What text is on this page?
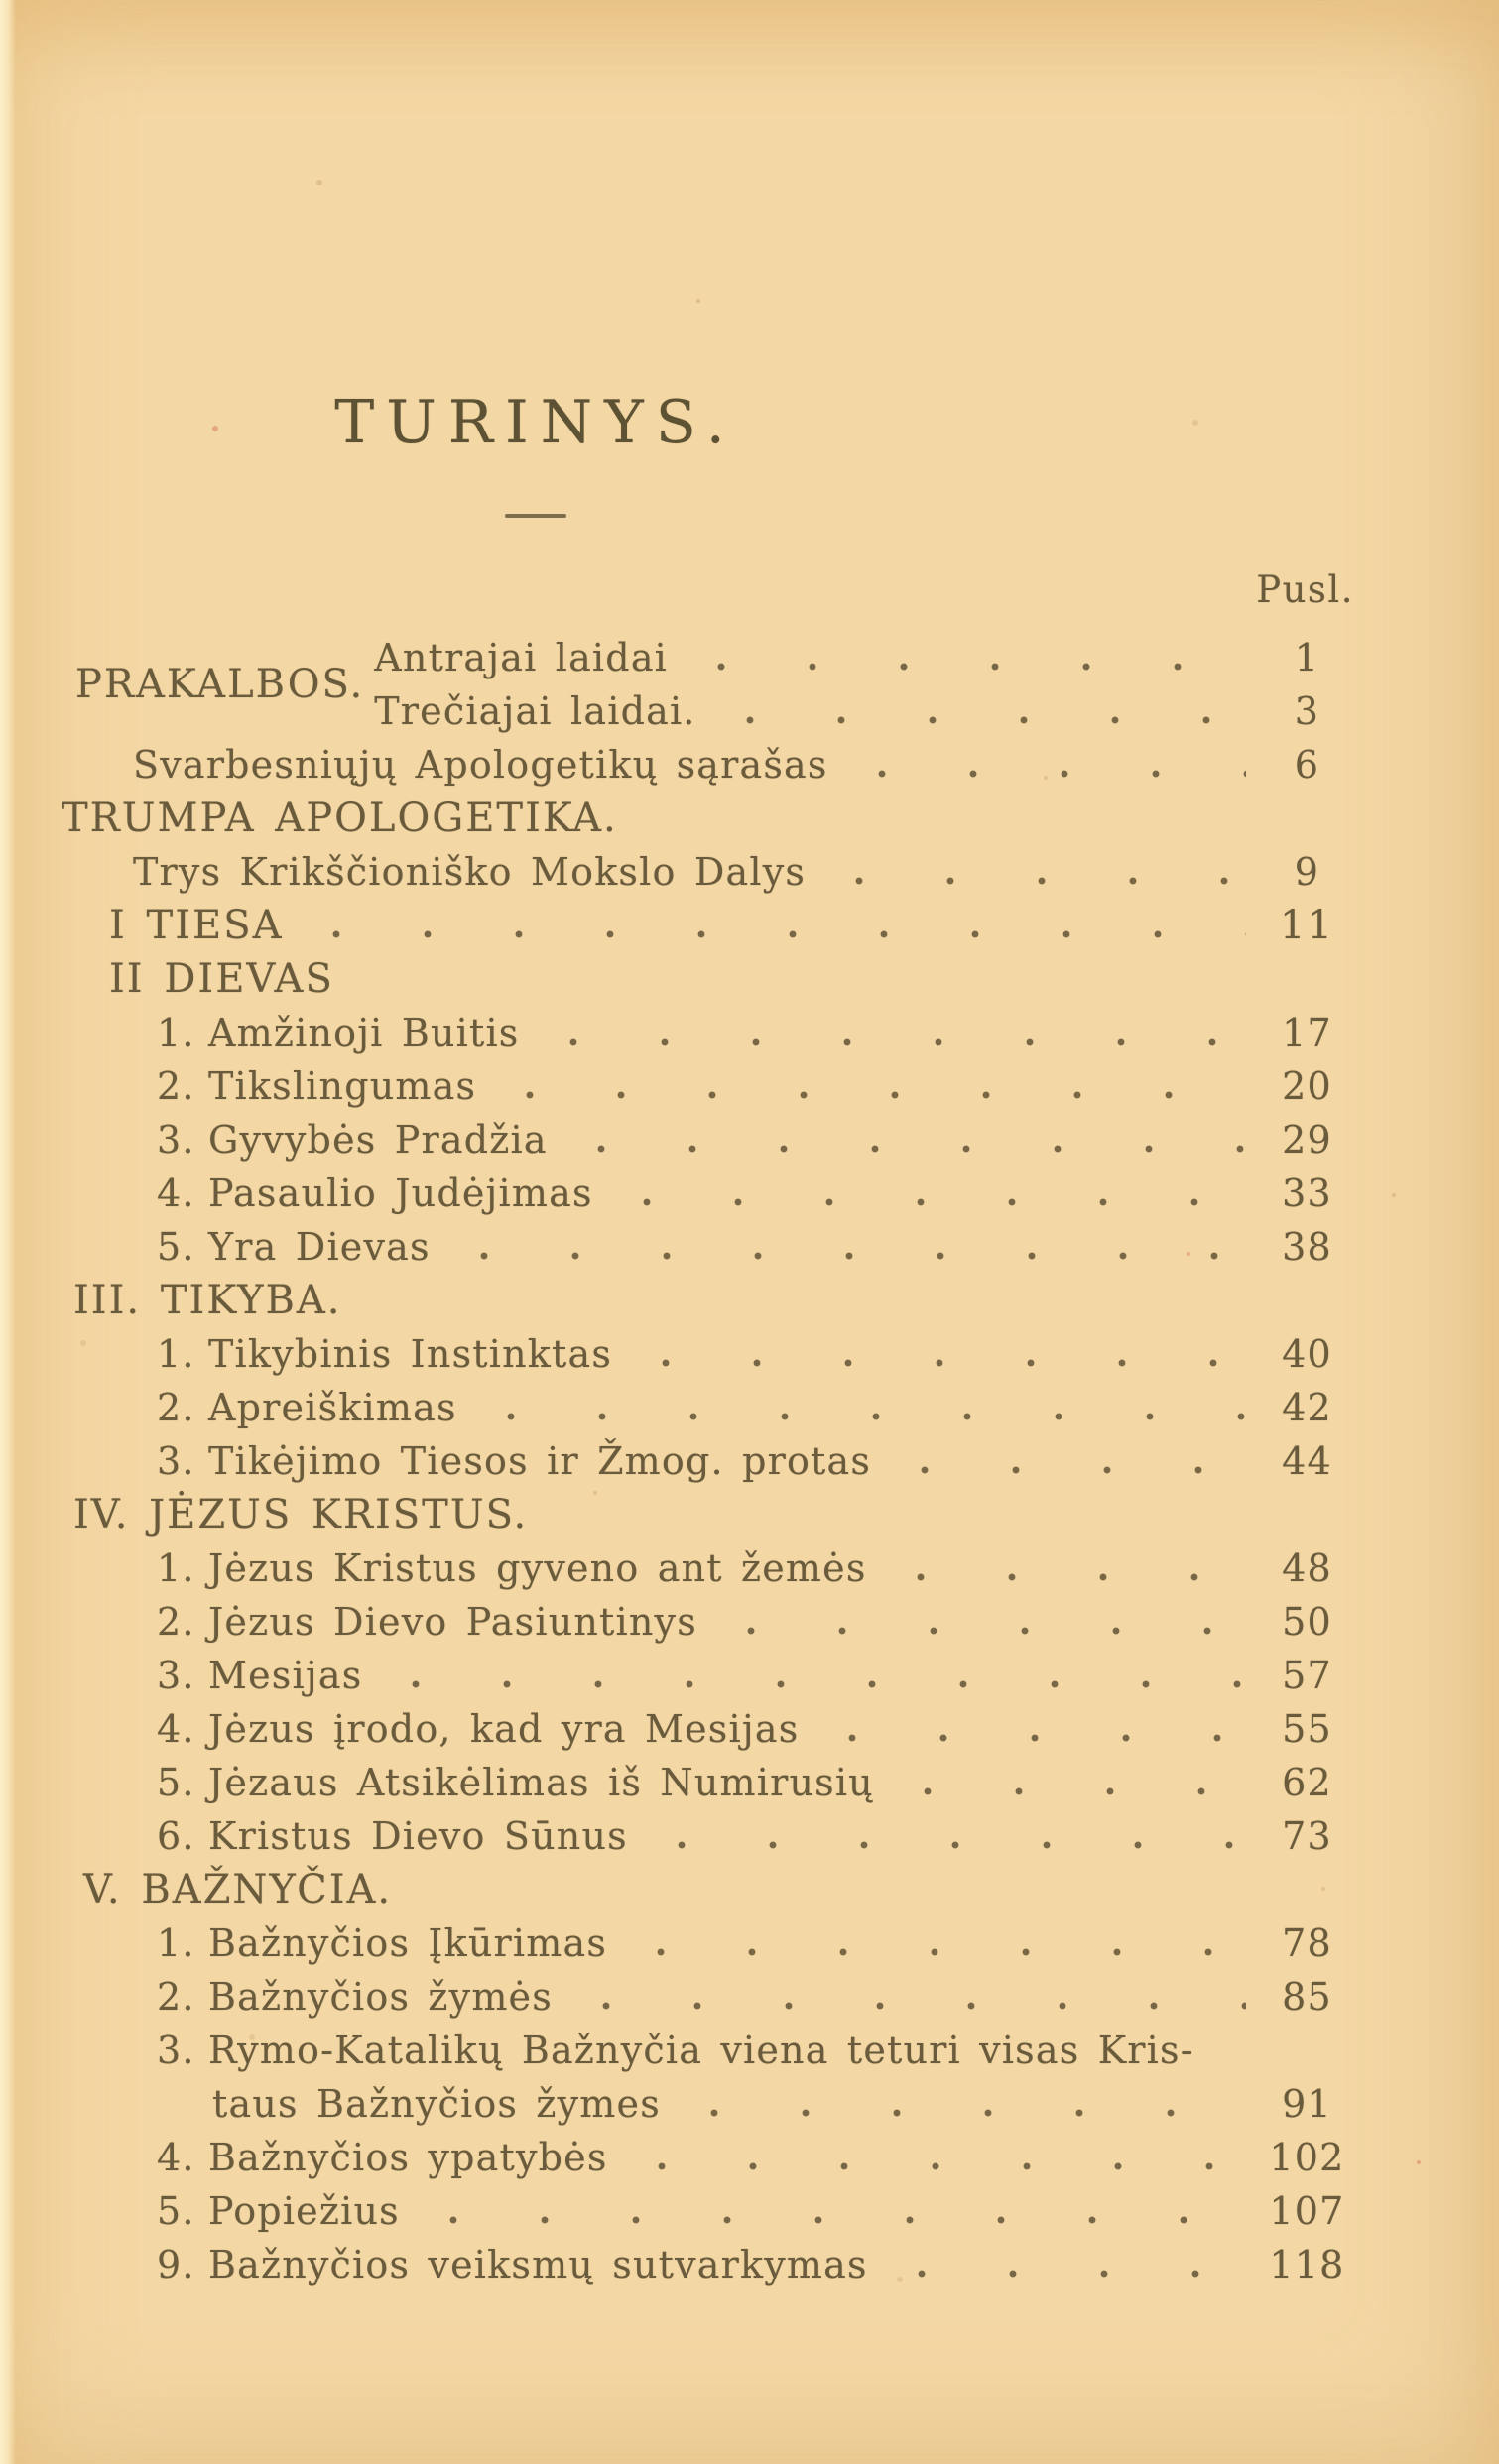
TURINYS.
Pusl.
PRAKALBOS.
Antrajai laidai	1
Trečiajai laidai.	3
Svarbesniųjų Apologetikų sąrašas	6
TRUMPA APOLOGETIKA.
Trys Krikščioniško Mokslo Dalys	9
I TIESA	11
II DIEVAS
1. Amžinoji Buitis	17
2. Tikslingumas	20
3. Gyvybės Pradžia	29
4. Pasaulio Judėjimas	33
5. Yra Dievas	38
III. TIKYBA.
1. Tikybinis Instinktas	40
2. Apreiškimas	42
3. Tikėjimo Tiesos ir Žmog. protas	44
IV. JĖZUS KRISTUS.
1. Jėzus Kristus gyveno ant žemės	48
2. Jėzus Dievo Pasiuntinys	50
3. Mesijas	57
4. Jėzus įrodo, kad yra Mesijas	55
5. Jėzaus Atsikėlimas iš Numirusių	62
6. Kristus Dievo Sūnus	73
V. BAŽNYČIA.
1. Bažnyčios Įkūrimas	78
2. Bažnyčios žymės	85
3. Rymo-Katalikų Bažnyčia viena teturi visas Kris-
taus Bažnyčios žymes	91
4. Bažnyčios ypatybės	102
5. Popiežius	107
9. Bažnyčios veiksmų sutvarkymas	118
